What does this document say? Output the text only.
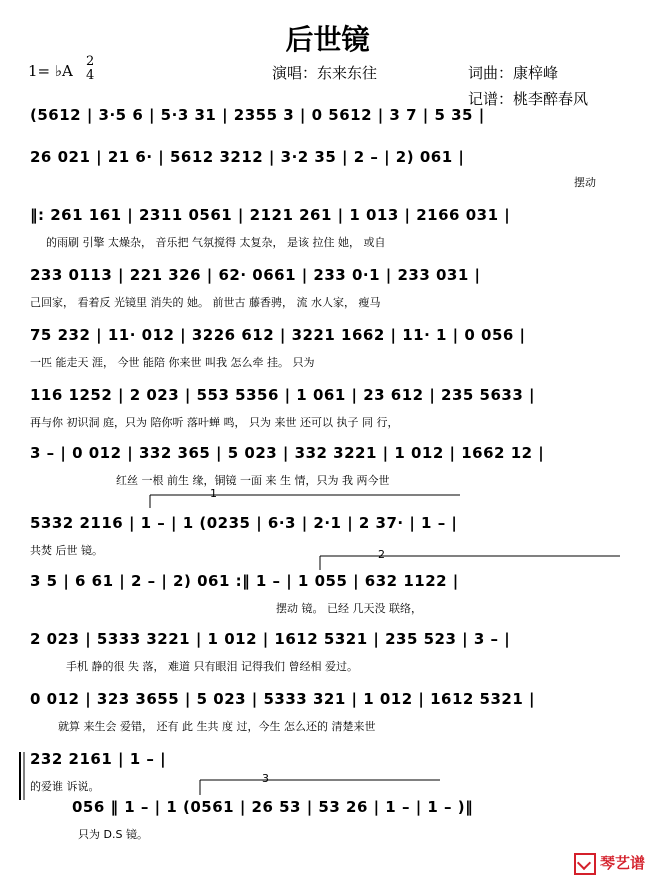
后世镜
1= ♭A
2
4	演唱：东来东往	词曲：康梓峰
记谱：桃李醉春风
1
2
3
(5612 | 3·5 6 | 5·3 31 | 2355 3 | 0 5612 | 3 7 | 5 35 |
26 021 | 21 6· | 5612 3212 | 3·2 35 | 2 – | 2) 061 |
摆动
‖: 261 161 | 2311 0561 | 2121 261 | 1 013 | 2166 031 |
的雨刷 引擎 太燥杂， 音乐把 气氛搅得 太复杂， 是该 拉住 她， 或自
233 0113 | 221 326 | 62· 0661 | 233 0·1 | 233 031 |
己回家， 看着反 光镜里 消失的 她。 前世古 藤香骋， 流 水人家， 瘦马
75 232 | 11· 012 | 3226 612 | 3221 1662 | 11· 1 | 0 056 |
一匹 能走天 涯， 今世 能陪 你来世 叫我 怎么牵 挂。 只为
116 1252 | 2 023 | 553 5356 | 1 061 | 23 612 | 235 5633 |
再与你 初识洞 庭，只为 陪你听 落叶蝉 鸣， 只为 来世 还可以 执子 同 行，
3 – | 0 012 | 332 365 | 5 023 | 332 3221 | 1 012 | 1662 12 |
红丝 一根 前生 缘，铜镜 一面 来 生 情，只为 我 两今世
5332 2116 | 1 – | 1 (0235 | 6·3 | 2·1 | 2 37· | 1 – |
共焚 后世 镜。
3 5 | 6 61 | 2 – | 2) 061 :‖ 1 – | 1 055 | 632 1122 |
摆动 镜。 已经 几天没 联络，
2 023 | 5333 3221 | 1 012 | 1612 5321 | 235 523 | 3 – |
手机 静的很 失 落， 难道 只有眼泪 记得我们 曾经相 爱过。
0 012 | 323 3655 | 5 023 | 5333 321 | 1 012 | 1612 5321 |
就算 来生会 爱错， 还有 此 生共 度 过，今生 怎么还的 清楚来世
232 2161 | 1 – |
的爱谁 诉说。
056 ‖ 1 – | 1 (0561 | 26 53 | 53 26 | 1 – | 1 – )‖
只为 D.S 镜。
琴艺谱
